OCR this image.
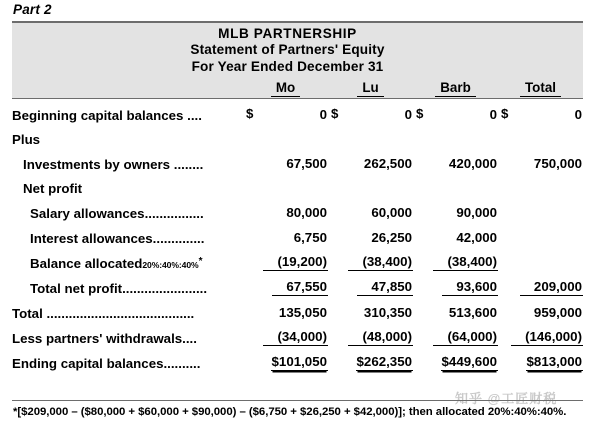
Part 2
MLB PARTNERSHIP
Statement of Partners' Equity
For Year Ended December 31
	Mo	Lu	Barb	Total

Beginning capital balances ....	$ 0	$ 0	$ 0	$ 0
Plus				
Investments by owners ........	67,500	262,500	420,000	750,000
Net profit				
Salary allowances................	80,000	60,000	90,000	
Interest allowances..............	6,750	26,250	42,000	
Balance allocated20%:40%:40%*	(19,200)	(38,400)	(38,400)	
Total net profit.......................	67,550	47,850	93,600	209,000
Total ........................................	135,050	310,350	513,600	959,000
Less partners' withdrawals....	(34,000)	(48,000)	(64,000)	(146,000)
Ending capital balances..........	$101,050	$262,350	$449,600	$813,000
知乎 @工匠财税
*[$209,000 – ($80,000 + $60,000 + $90,000) – ($6,750 + $26,250 + $42,000)]; then allocated 20%:40%:40%.
